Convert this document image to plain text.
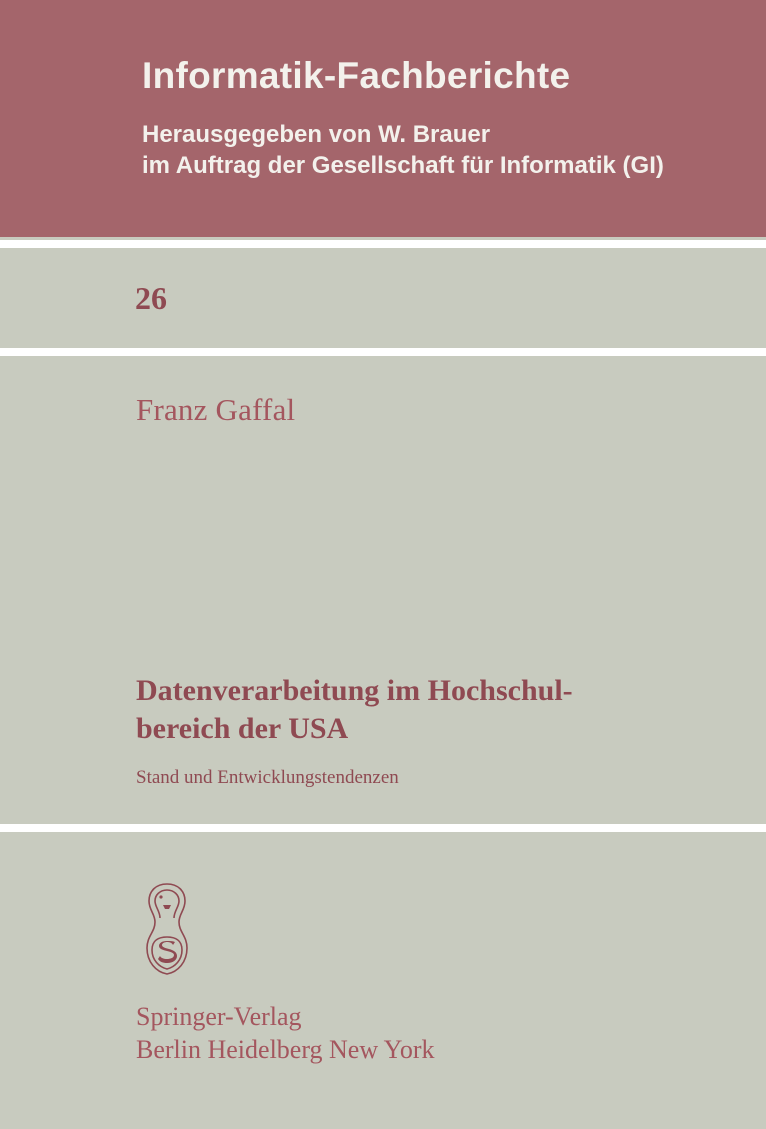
Informatik-Fachberichte

Herausgegeben von W. Brauer
im Auftrag der Gesellschaft für Informatik (GI)

26

Franz Gaffal

Datenverarbeitung im Hochschul-
bereich der USA

Stand und Entwicklungstendenzen

Springer-Verlag
Berlin Heidelberg New York
